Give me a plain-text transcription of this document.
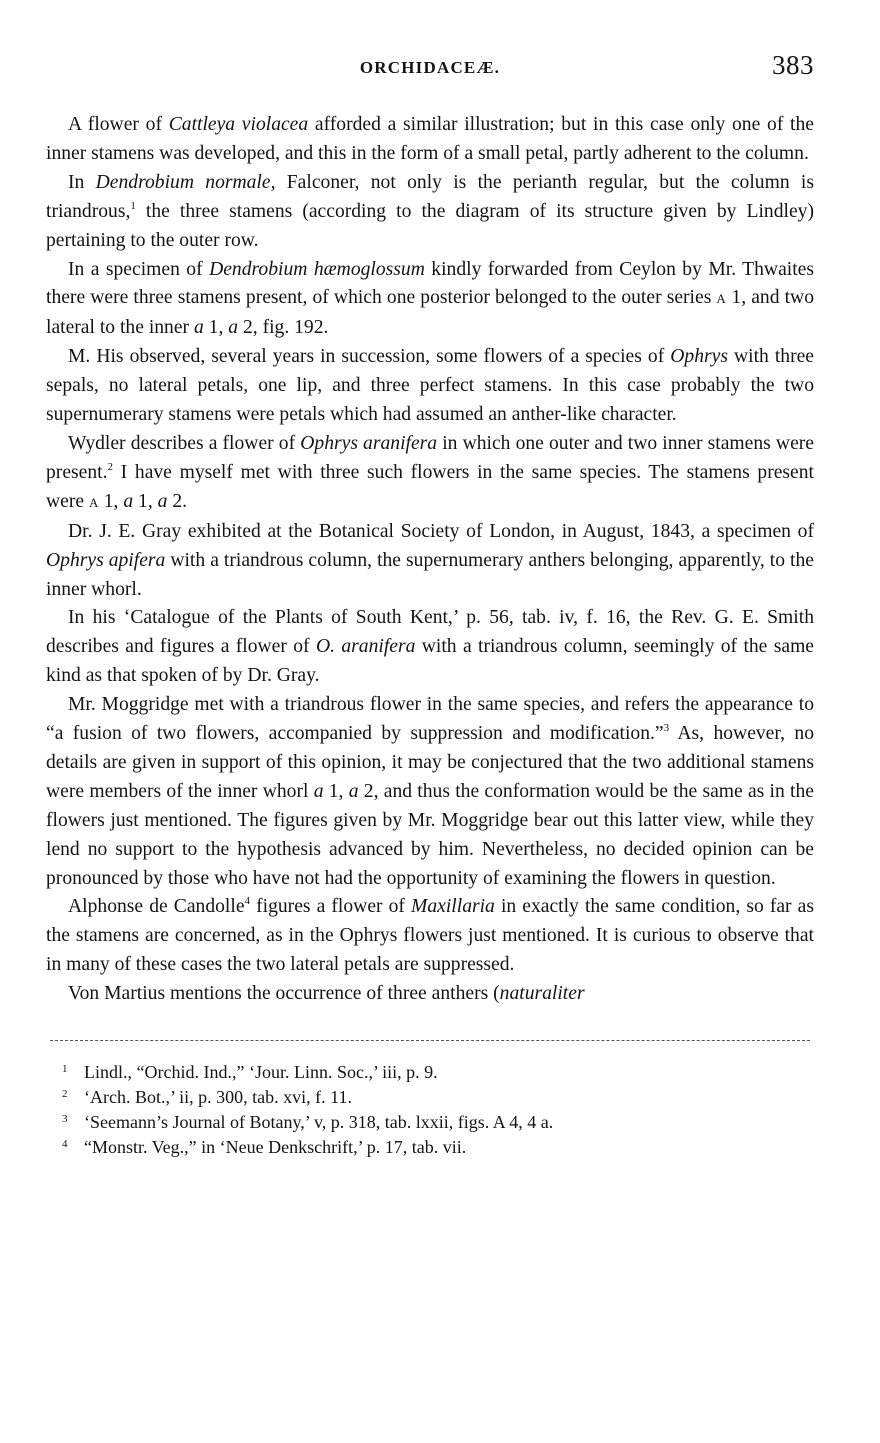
ORCHIDACEÆ.	383

A flower of Cattleya violacea afforded a similar illustration; but in this case only one of the inner stamens was developed, and this in the form of a small petal, partly adherent to the column.

In Dendrobium normale, Falconer, not only is the perianth regular, but the column is triandrous,$^1$ the three stamens (according to the diagram of its structure given by Lindley) pertaining to the outer row.

In a specimen of Dendrobium hæmoglossum kindly forwarded from Ceylon by Mr. Thwaites there were three stamens present, of which one posterior belonged to the outer series A 1, and two lateral to the inner a 1, a 2, fig. 192.

M. His observed, several years in succession, some flowers of a species of Ophrys with three sepals, no lateral petals, one lip, and three perfect stamens. In this case probably the two supernumerary stamens were petals which had assumed an anther-like character.

Wydler describes a flower of Ophrys aranifera in which one outer and two inner stamens were present.$^2$ I have myself met with three such flowers in the same species. The stamens present were A 1, a 1, a 2.

Dr. J. E. Gray exhibited at the Botanical Society of London, in August, 1843, a specimen of Ophrys apifera with a triandrous column, the supernumerary anthers belonging, apparently, to the inner whorl.

In his ‘Catalogue of the Plants of South Kent,’ p. 56, tab. iv, f. 16, the Rev. G. E. Smith describes and figures a flower of O. aranifera with a triandrous column, seemingly of the same kind as that spoken of by Dr. Gray.

Mr. Moggridge met with a triandrous flower in the same species, and refers the appearance to “a fusion of two flowers, accompanied by suppression and modification.”$^3$ As, however, no details are given in support of this opinion, it may be conjectured that the two additional stamens were members of the inner whorl a 1, a 2, and thus the conformation would be the same as in the flowers just mentioned. The figures given by Mr. Moggridge bear out this latter view, while they lend no support to the hypothesis advanced by him. Nevertheless, no decided opinion can be pronounced by those who have not had the opportunity of examining the flowers in question.

Alphonse de Candolle$^4$ figures a flower of Maxillaria in exactly the same condition, so far as the stamens are concerned, as in the Ophrys flowers just mentioned. It is curious to observe that in many of these cases the two lateral petals are suppressed.

Von Martius mentions the occurrence of three anthers (naturaliter

1 Lindl., “Orchid. Ind.,” ‘Jour. Linn. Soc.,’ iii, p. 9.
2 ‘Arch. Bot.,’ ii, p. 300, tab. xvi, f. 11.
3 ‘Seemann’s Journal of Botany,’ v, p. 318, tab. lxxii, figs. A 4, 4 a.
4 “Monstr. Veg.,” in ‘Neue Denkschrift,’ p. 17, tab. vii.
